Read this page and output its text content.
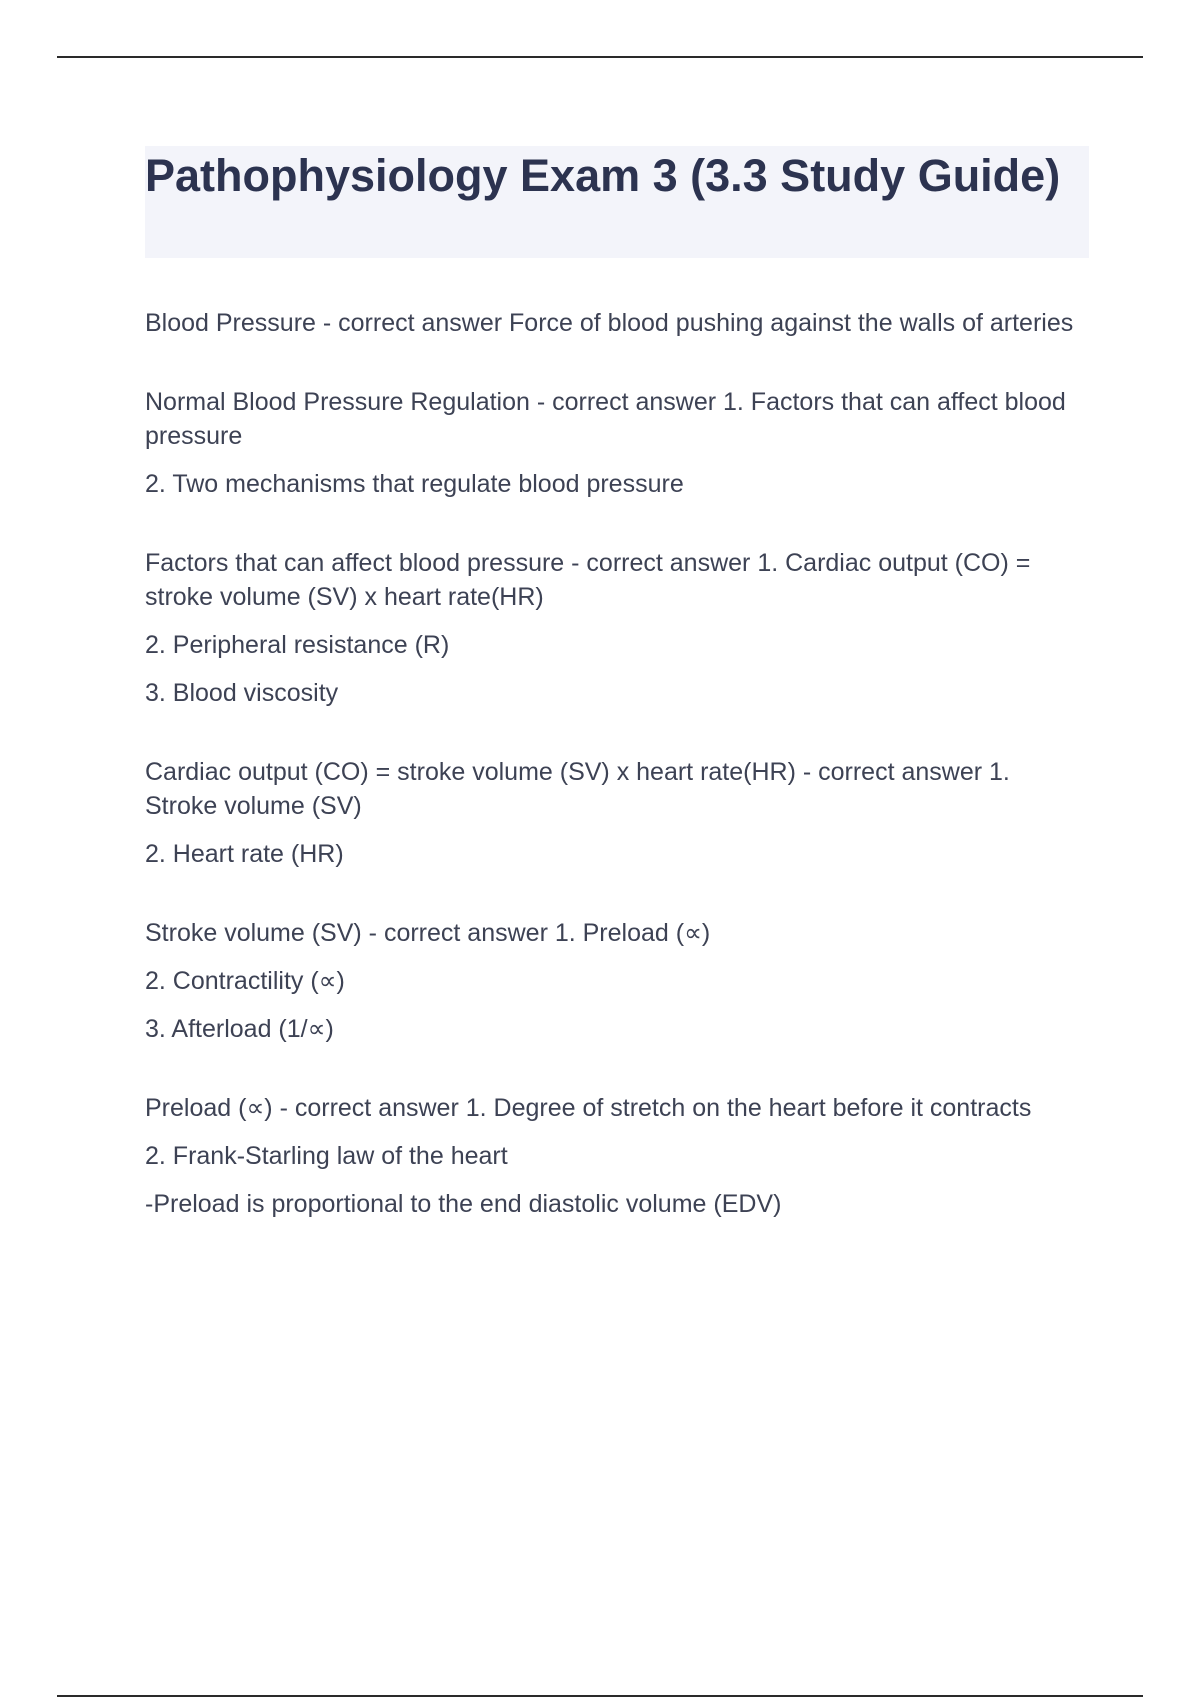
Pathophysiology Exam 3 (3.3 Study Guide)

Blood Pressure - correct answer Force of blood pushing against the walls of arteries

Normal Blood Pressure Regulation - correct answer 1. Factors that can affect blood pressure

2. Two mechanisms that regulate blood pressure

Factors that can affect blood pressure - correct answer 1. Cardiac output (CO) = stroke volume (SV) x heart rate(HR)

2. Peripheral resistance (R)

3. Blood viscosity

Cardiac output (CO) = stroke volume (SV) x heart rate(HR) - correct answer 1. Stroke volume (SV)

2. Heart rate (HR)

Stroke volume (SV) - correct answer 1. Preload (∝)

2. Contractility (∝)

3. Afterload (1/∝)

Preload (∝) - correct answer 1. Degree of stretch on the heart before it contracts

2. Frank-Starling law of the heart

-Preload is proportional to the end diastolic volume (EDV)
